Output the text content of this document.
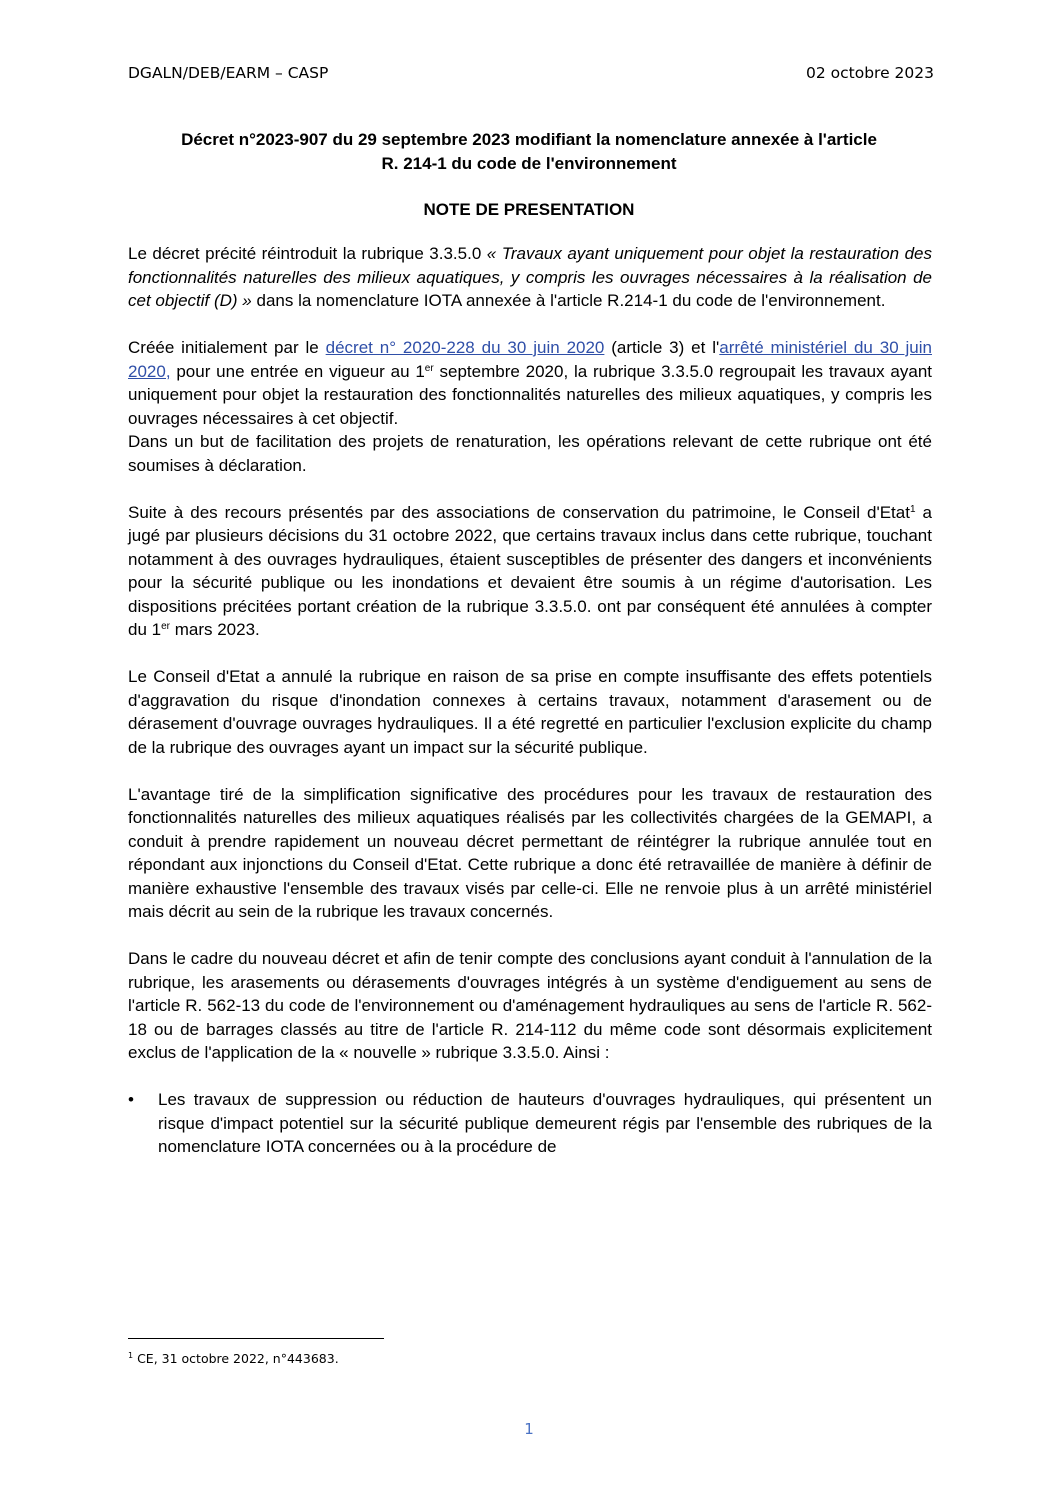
DGALN/DEB/EARM – CASP	02 octobre 2023
Décret n°2023-907 du 29 septembre 2023 modifiant la nomenclature annexée à l'article
R. 214-1 du code de l'environnement
NOTE DE PRESENTATION

Le décret précité réintroduit la rubrique 3.3.5.0 « Travaux ayant uniquement pour objet la restauration des fonctionnalités naturelles des milieux aquatiques, y compris les ouvrages nécessaires à la réalisation de cet objectif (D) » dans la nomenclature IOTA annexée à l'article R.214-1 du code de l'environnement.

Créée initialement par le décret n° 2020-228 du 30 juin 2020 (article 3) et l'arrêté ministériel du 30 juin 2020, pour une entrée en vigueur au 1er septembre 2020, la rubrique 3.3.5.0 regroupait les travaux ayant uniquement pour objet la restauration des fonctionnalités naturelles des milieux aquatiques, y compris les ouvrages nécessaires à cet objectif.

Dans un but de facilitation des projets de renaturation, les opérations relevant de cette rubrique ont été soumises à déclaration.

Suite à des recours présentés par des associations de conservation du patrimoine, le Conseil d'Etat$^1$ a jugé par plusieurs décisions du 31 octobre 2022, que certains travaux inclus dans cette rubrique, touchant notamment à des ouvrages hydrauliques, étaient susceptibles de présenter des dangers et inconvénients pour la sécurité publique ou les inondations et devaient être soumis à un régime d'autorisation. Les dispositions précitées portant création de la rubrique 3.3.5.0. ont par conséquent été annulées à compter du 1er mars 2023.

Le Conseil d'Etat a annulé la rubrique en raison de sa prise en compte insuffisante des effets potentiels d'aggravation du risque d'inondation connexes à certains travaux, notamment d'arasement ou de dérasement d'ouvrage ouvrages hydrauliques. Il a été regretté en particulier l'exclusion explicite du champ de la rubrique des ouvrages ayant un impact sur la sécurité publique.

L'avantage tiré de la simplification significative des procédures pour les travaux de restauration des fonctionnalités naturelles des milieux aquatiques réalisés par les collectivités chargées de la GEMAPI, a conduit à prendre rapidement un nouveau décret permettant de réintégrer la rubrique annulée tout en répondant aux injonctions du Conseil d'Etat. Cette rubrique a donc été retravaillée de manière à définir de manière exhaustive l'ensemble des travaux visés par celle-ci. Elle ne renvoie plus à un arrêté ministériel mais décrit au sein de la rubrique les travaux concernés.

Dans le cadre du nouveau décret et afin de tenir compte des conclusions ayant conduit à l'annulation de la rubrique, les arasements ou dérasements d'ouvrages intégrés à un système d'endiguement au sens de l'article R. 562-13 du code de l'environnement ou d'aménagement hydrauliques au sens de l'article R. 562-18 ou de barrages classés au titre de l'article R. 214-112 du même code sont désormais explicitement exclus de l'application de la « nouvelle » rubrique 3.3.5.0. Ainsi :

• Les travaux de suppression ou réduction de hauteurs d'ouvrages hydrauliques, qui présentent un risque d'impact potentiel sur la sécurité publique demeurent régis par l'ensemble des rubriques de la nomenclature IOTA concernées ou à la procédure de
$^1$ CE, 31 octobre 2022, n°443683.
1
